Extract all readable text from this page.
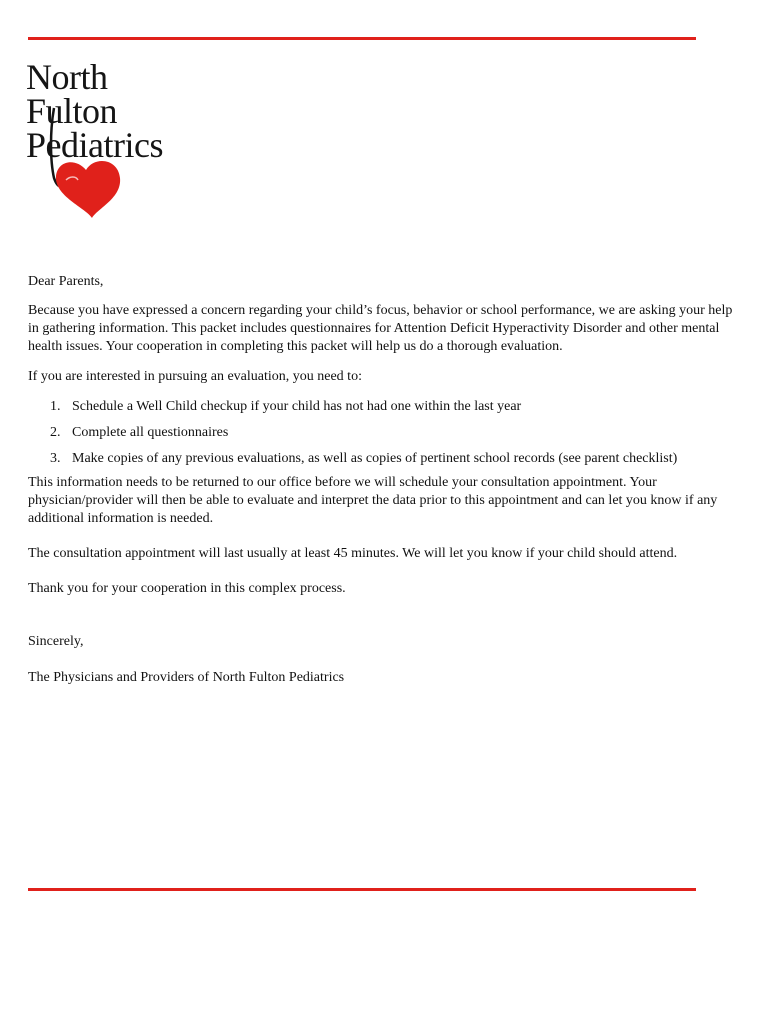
North
Fulton
Pediatrics

Dear Parents,

Because you have expressed a concern regarding your child’s focus, behavior or school performance, we are asking your help in gathering information. This packet includes questionnaires for Attention Deficit Hyperactivity Disorder and other mental health issues. Your cooperation in completing this packet will help us do a thorough evaluation.

If you are interested in pursuing an evaluation, you need to:

1. Schedule a Well Child checkup if your child has not had one within the last year
2. Complete all questionnaires
3. Make copies of any previous evaluations, as well as copies of pertinent school records (see parent checklist)

This information needs to be returned to our office before we will schedule your consultation appointment. Your physician/provider will then be able to evaluate and interpret the data prior to this appointment and can let you know if any additional information is needed.

The consultation appointment will last usually at least 45 minutes. We will let you know if your child should attend.

Thank you for your cooperation in this complex process.

Sincerely,

The Physicians and Providers of North Fulton Pediatrics
